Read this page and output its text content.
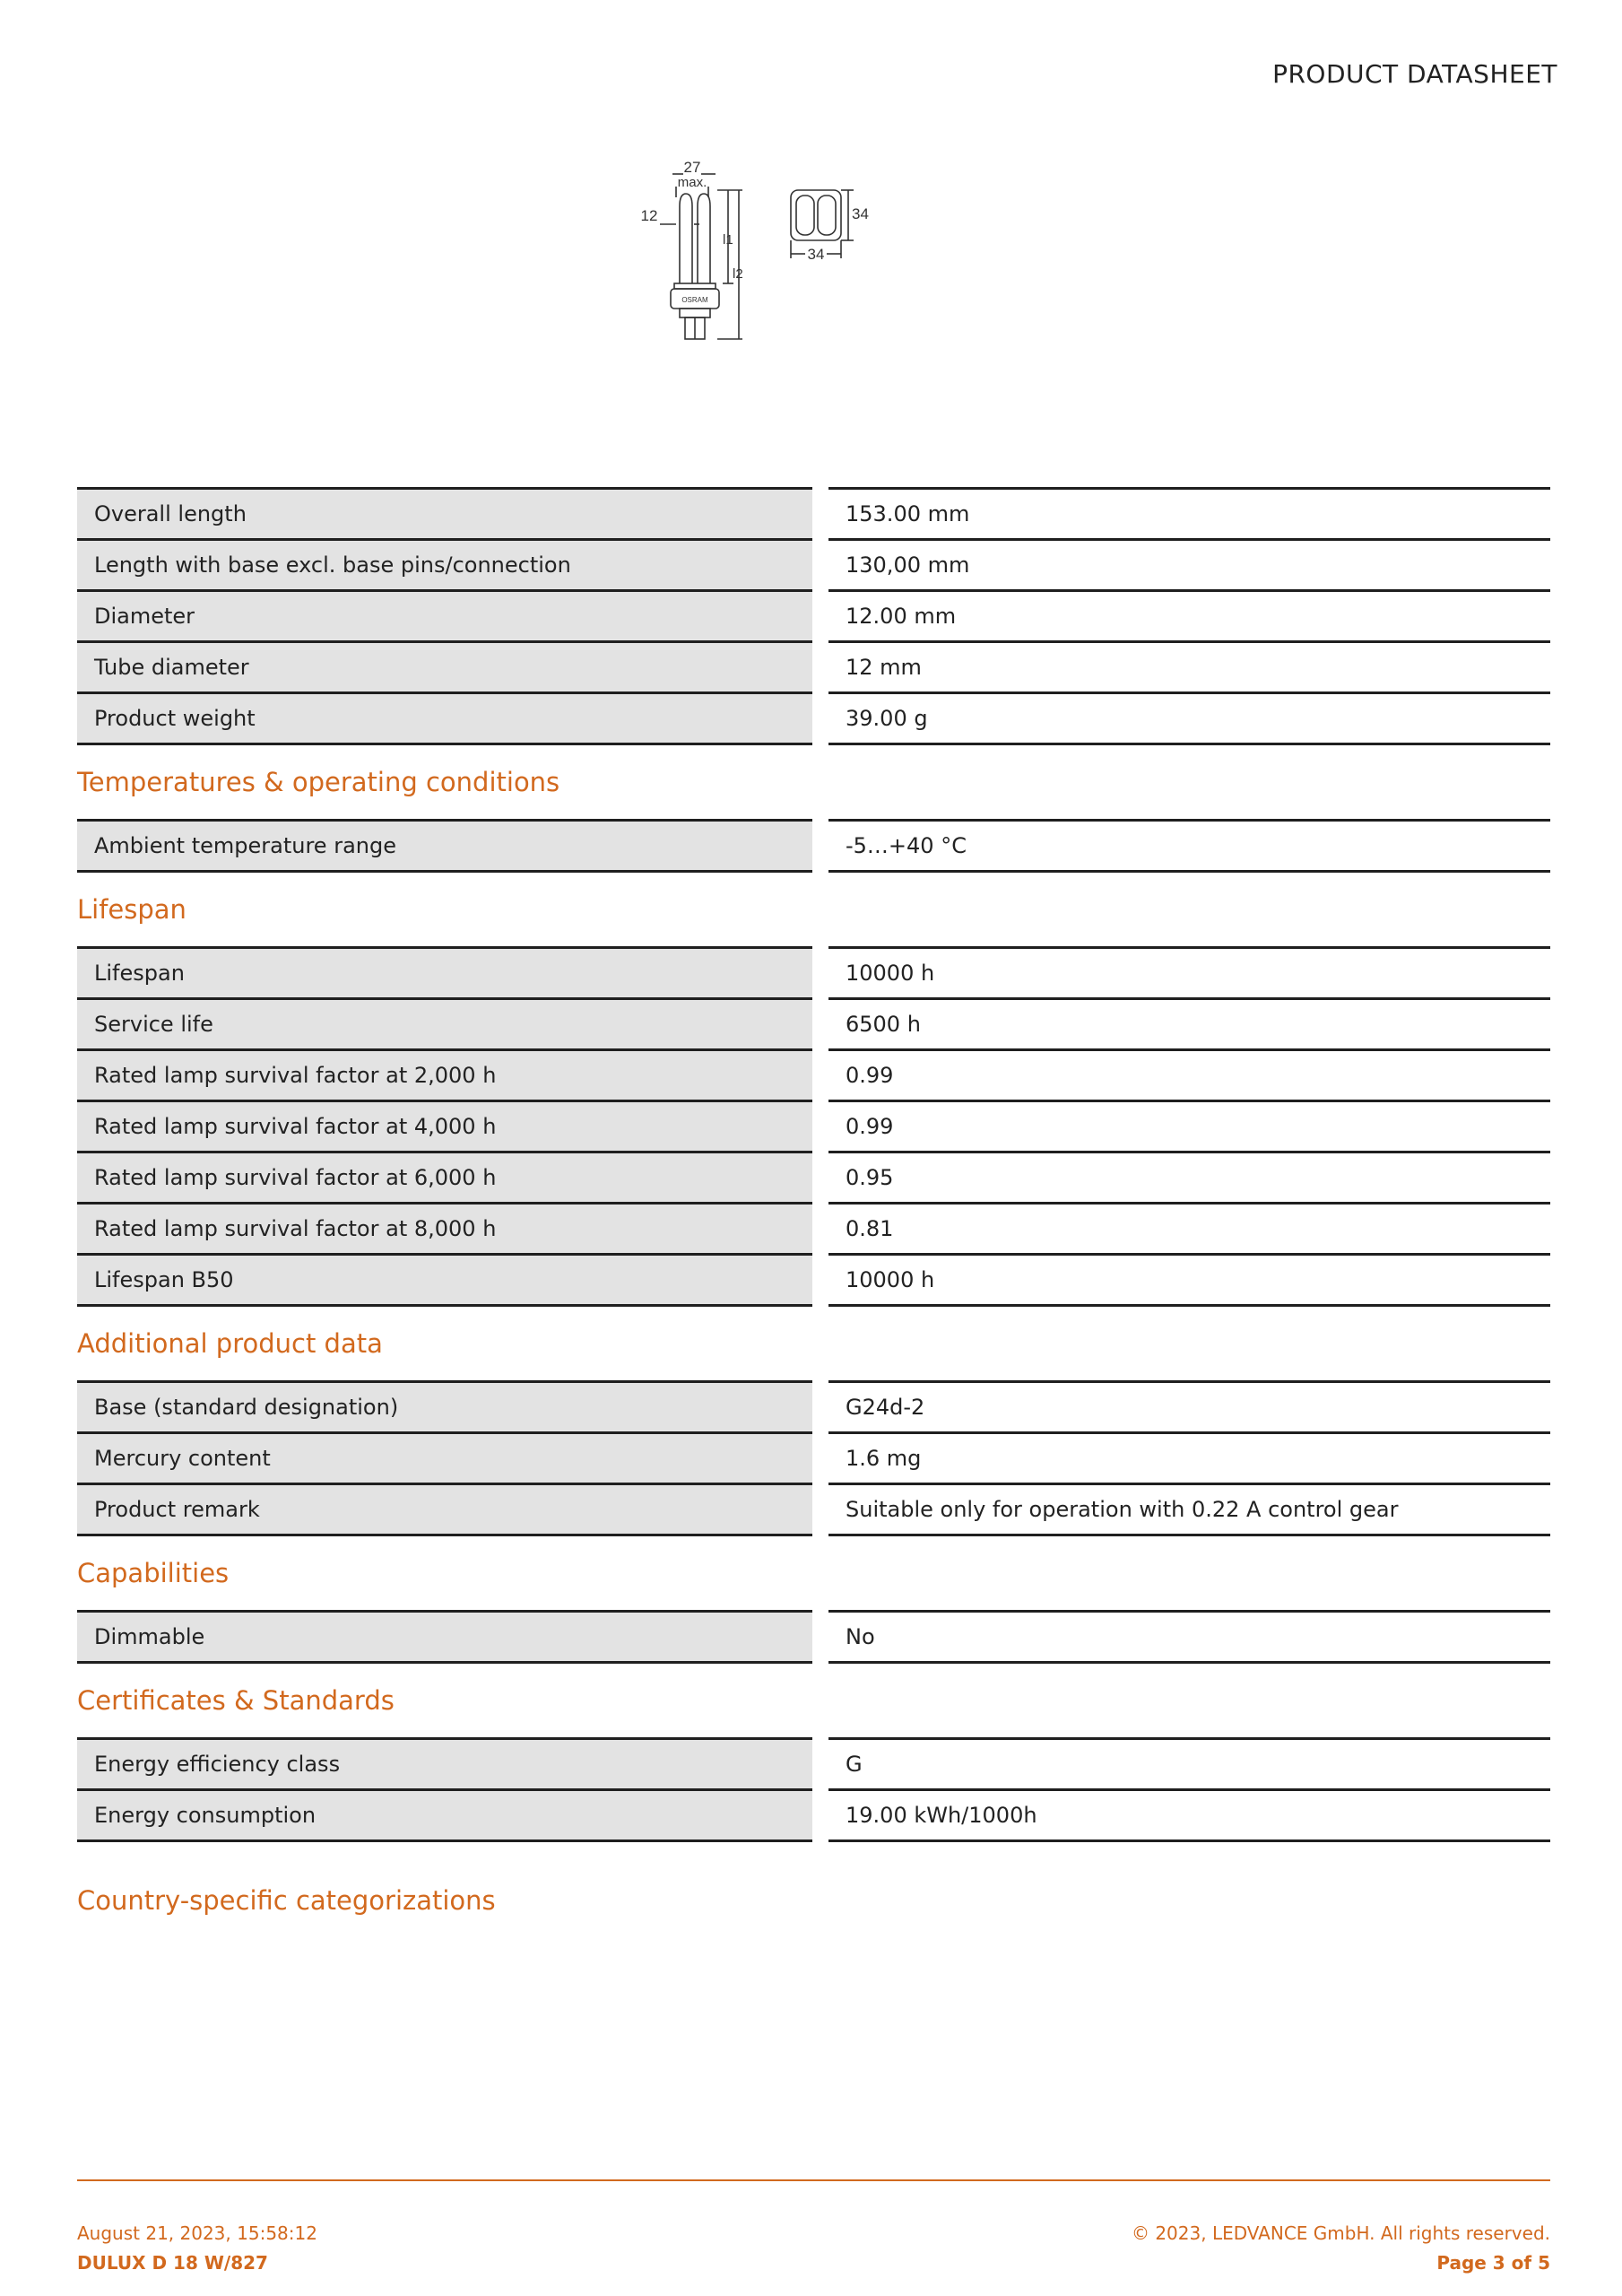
PRODUCT DATASHEET
27
max.
12
OSRAM
l1
l2
34
34
Overall length	153.00 mm
Length with base excl. base pins/connection	130,00 mm
Diameter	12.00 mm
Tube diameter	12 mm
Product weight	39.00 g
Temperatures & operating conditions
Ambient temperature range	-5…+40 °C
Lifespan
Lifespan	10000 h
Service life	6500 h
Rated lamp survival factor at 2,000 h	0.99
Rated lamp survival factor at 4,000 h	0.99
Rated lamp survival factor at 6,000 h	0.95
Rated lamp survival factor at 8,000 h	0.81
Lifespan B50	10000 h
Additional product data
Base (standard designation)	G24d-2
Mercury content	1.6 mg
Product remark	Suitable only for operation with 0.22 A control gear
Capabilities
Dimmable	No
Certificates & Standards
Energy efficiency class	G
Energy consumption	19.00 kWh/1000h
Country-specific categorizations
August 21, 2023, 15:58:12
DULUX D 18 W/827
© 2023, LEDVANCE GmbH. All rights reserved.
Page 3 of 5
